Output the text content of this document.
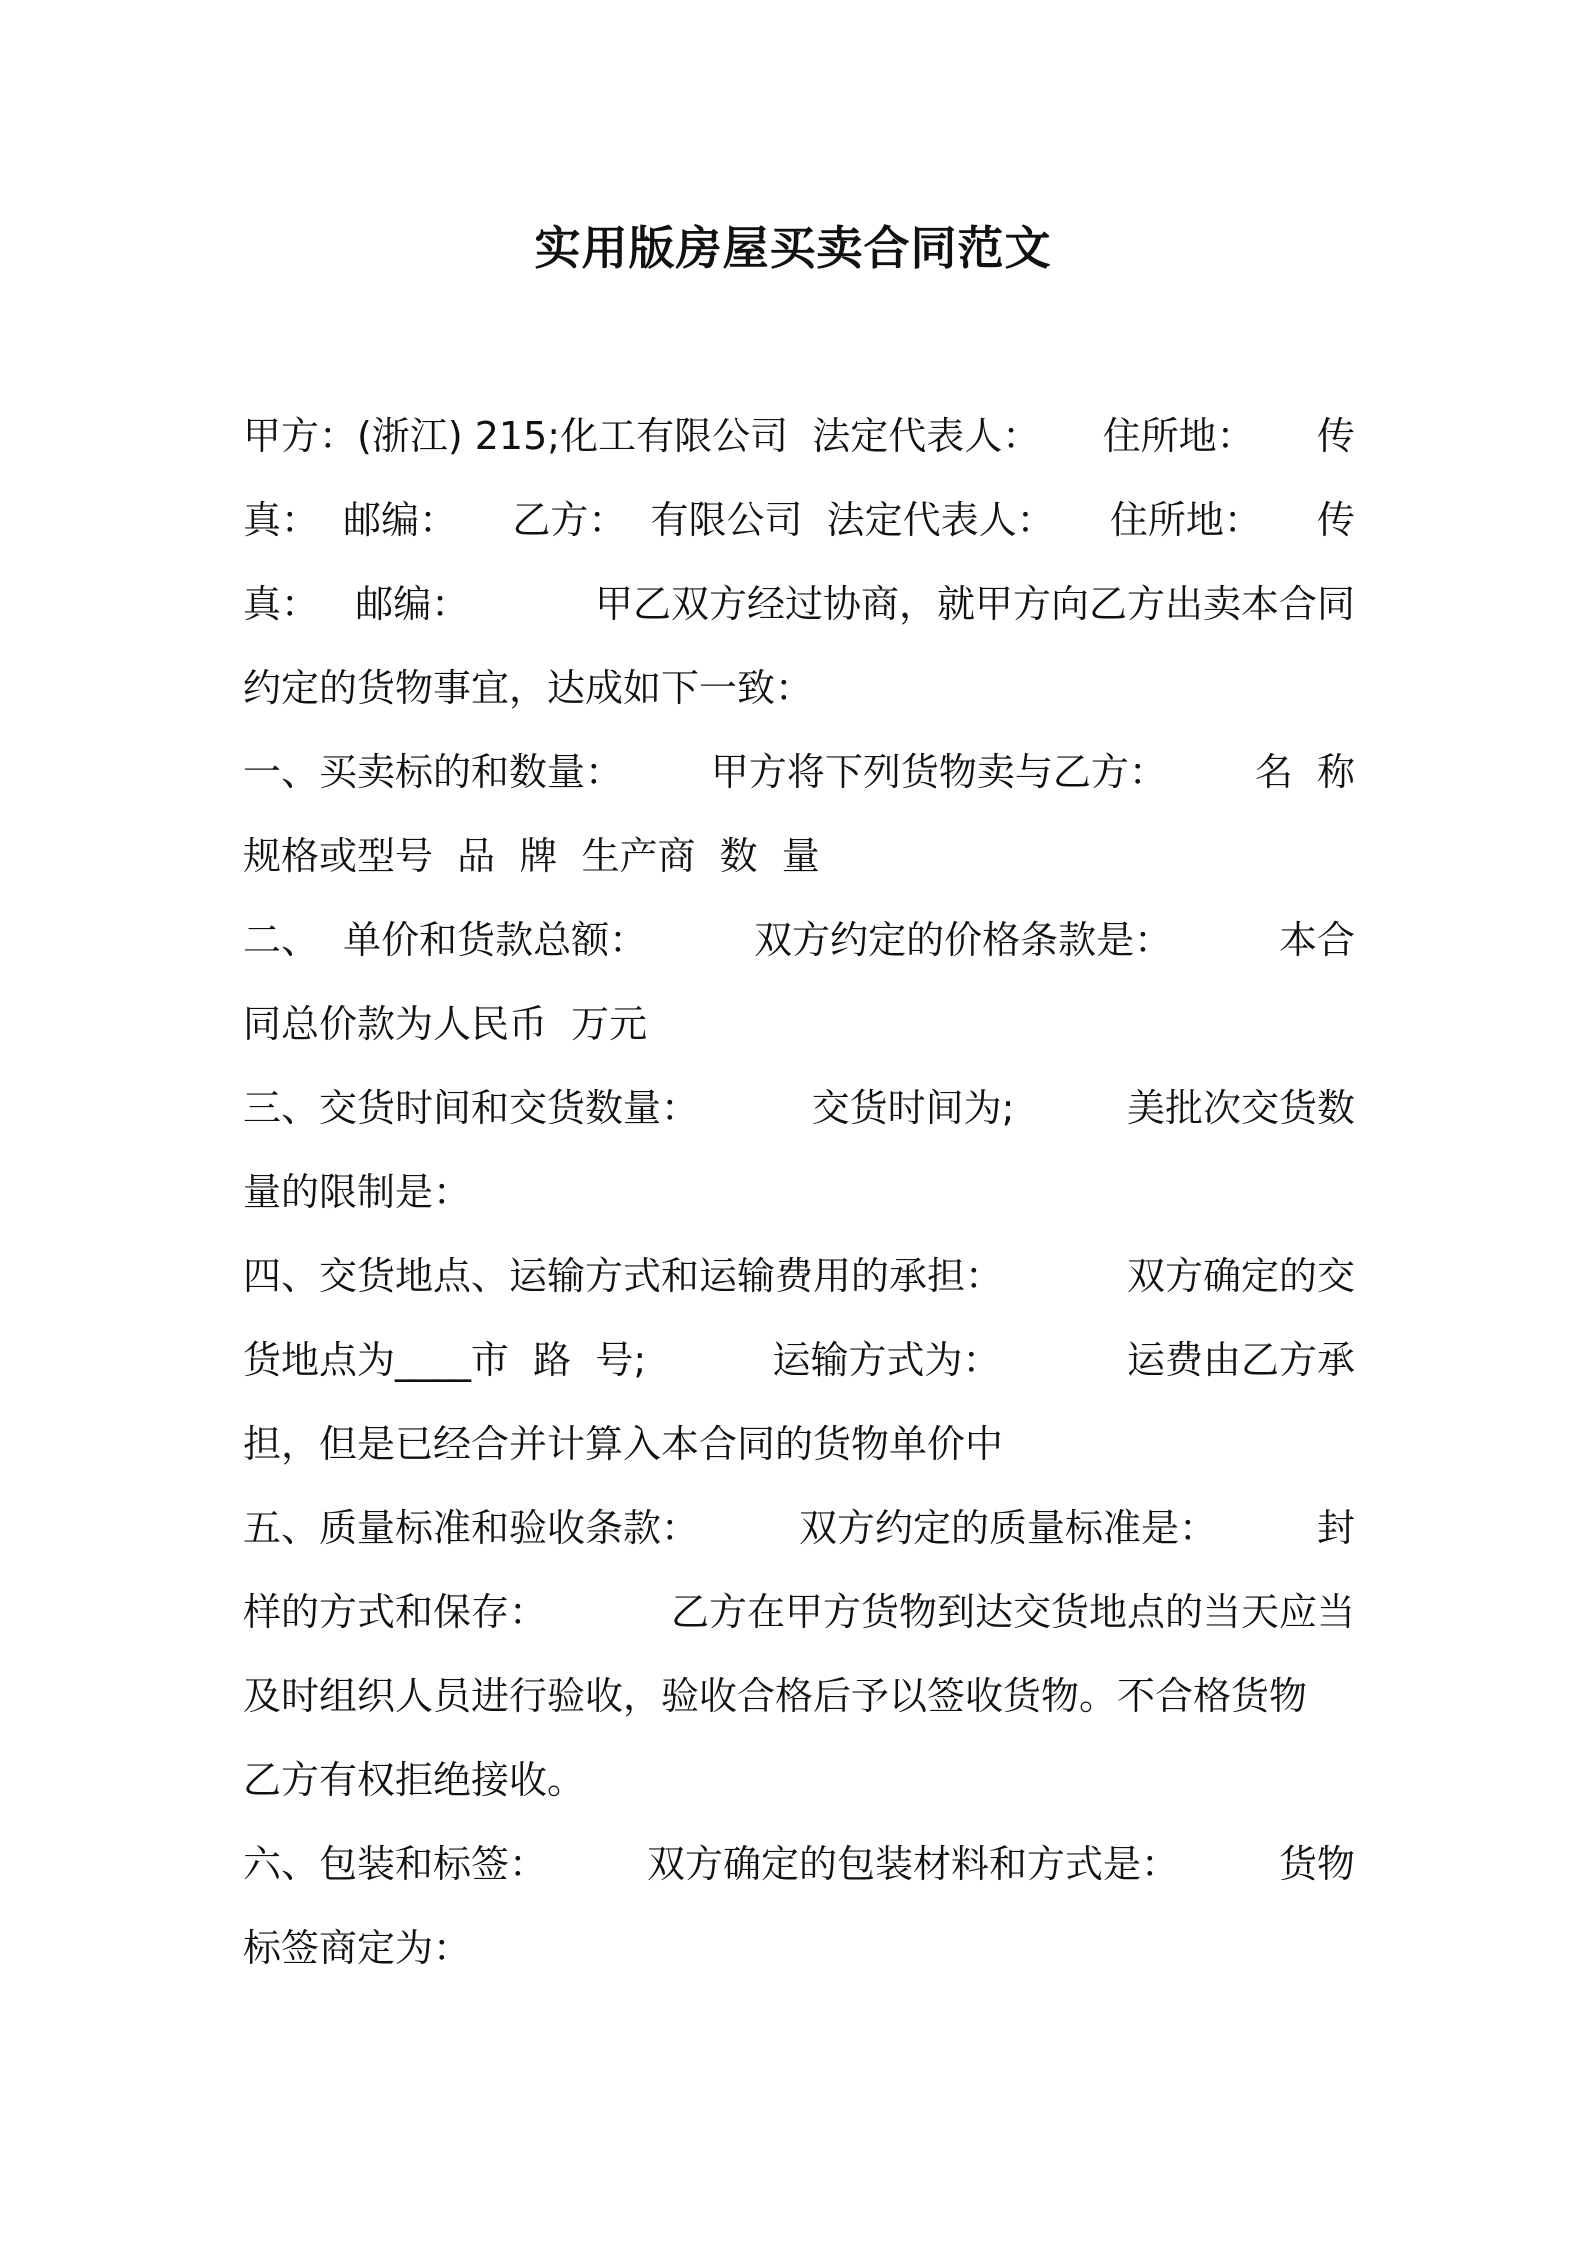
实用版房屋买卖合同范文
甲方：(浙江) 215;化工有限公司  法定代表人： 住所地： 传
真：  邮编： 乙方：  有限公司  法定代表人： 住所地： 传
真：   邮编：	甲乙双方经过协商，就甲方向乙方出卖本合同
约定的货物事宜，达成如下一致：
一、买卖标的和数量： 甲方将下列货物卖与乙方： 名  称
规格或型号  品  牌  生产商  数  量
二、  单价和货款总额：	双方约定的价格条款是：	本合
同总价款为人民币  万元
三、交货时间和交货数量：	交货时间为;	美批次交货数
量的限制是：
四、交货地点、运输方式和运输费用的承担：	双方确定的交
货地点为____市  路  号;	运输方式为：	运费由乙方承
担，但是已经合并计算入本合同的货物单价中
五、质量标准和验收条款：	双方约定的质量标准是：	封
样的方式和保存：	乙方在甲方货物到达交货地点的当天应当
及时组织人员进行验收，验收合格后予以签收货物。不合格货物
乙方有权拒绝接收。
六、包装和标签：	双方确定的包装材料和方式是：	货物
标签商定为：
